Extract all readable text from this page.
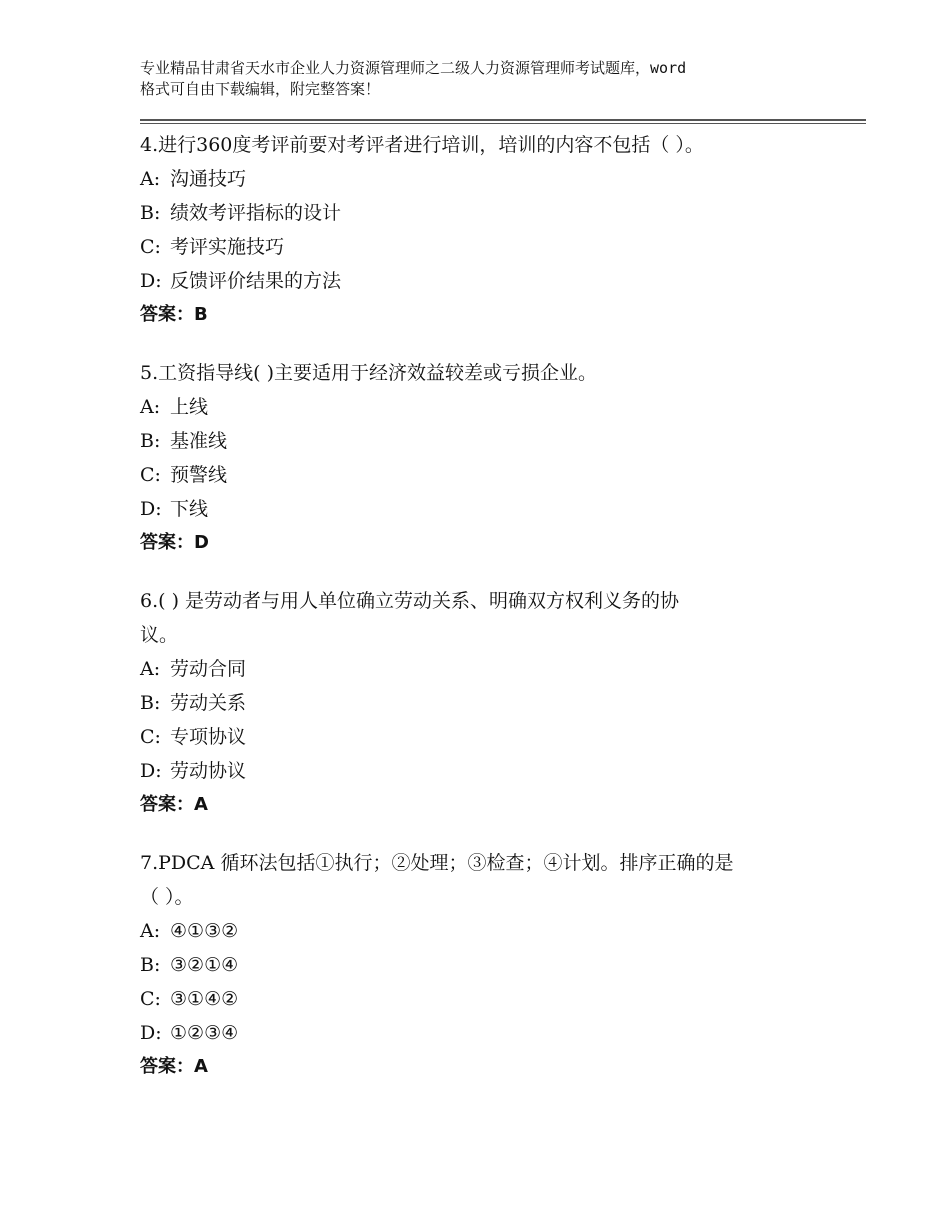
专业精品甘肃省天水市企业人力资源管理师之二级人力资源管理师考试题库，word
格式可自由下载编辑，附完整答案！
4.进行360度考评前要对考评者进行培训，培训的内容不包括（ ）。
A: 沟通技巧
B: 绩效考评指标的设计
C: 考评实施技巧
D: 反馈评价结果的方法
答案：B
5.工资指导线( )主要适用于经济效益较差或亏损企业。
A: 上线
B: 基准线
C: 预警线
D: 下线
答案：D
6.( ) 是劳动者与用人单位确立劳动关系、明确双方权利义务的协
议。
A: 劳动合同
B: 劳动关系
C: 专项协议
D: 劳动协议
答案：A
7.PDCA 循环法包括①执行；②处理；③检查；④计划。排序正确的是
（ ）。
A: ④①③②
B: ③②①④
C: ③①④②
D: ①②③④
答案：A
